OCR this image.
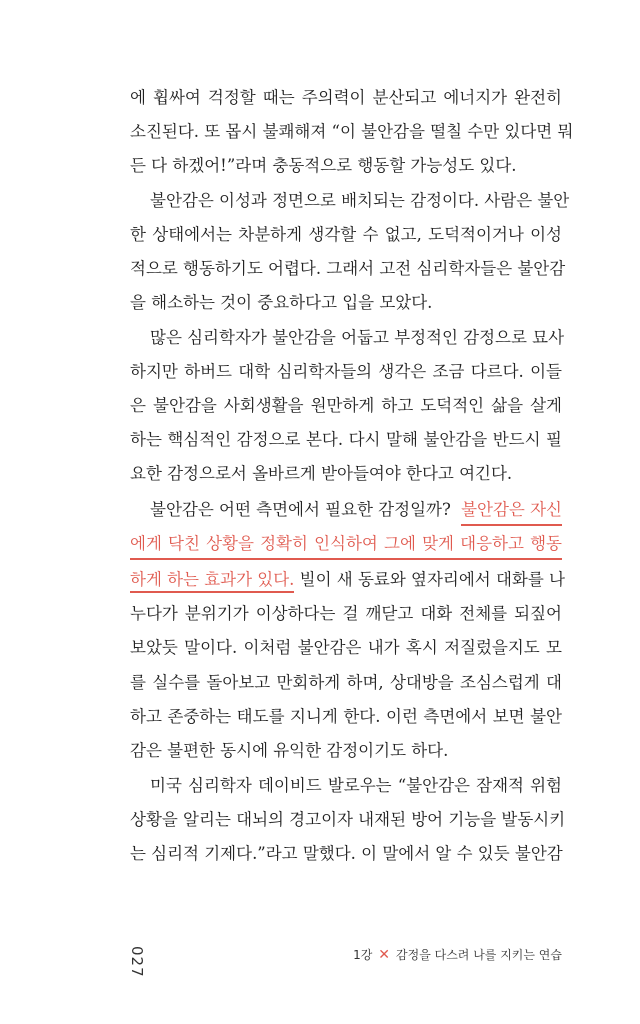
에 휩싸여 걱정할 때는 주의력이 분산되고 에너지가 완전히
소진된다. 또 몹시 불쾌해져 “이 불안감을 떨칠 수만 있다면 뭐
든 다 하겠어!”라며 충동적으로 행동할 가능성도 있다.
불안감은 이성과 정면으로 배치되는 감정이다. 사람은 불안
한 상태에서는 차분하게 생각할 수 없고, 도덕적이거나 이성
적으로 행동하기도 어렵다. 그래서 고전 심리학자들은 불안감
을 해소하는 것이 중요하다고 입을 모았다.
많은 심리학자가 불안감을 어둡고 부정적인 감정으로 묘사
하지만 하버드 대학 심리학자들의 생각은 조금 다르다. 이들
은 불안감을 사회생활을 원만하게 하고 도덕적인 삶을 살게
하는 핵심적인 감정으로 본다. 다시 말해 불안감을 반드시 필
요한 감정으로서 올바르게 받아들여야 한다고 여긴다.
불안감은 어떤 측면에서 필요한 감정일까? 불안감은 자신
에게 닥친 상황을 정확히 인식하여 그에 맞게 대응하고 행동
하게 하는 효과가 있다. 빌이 새 동료와 옆자리에서 대화를 나
누다가 분위기가 이상하다는 걸 깨닫고 대화 전체를 되짚어
보았듯 말이다. 이처럼 불안감은 내가 혹시 저질렀을지도 모
를 실수를 돌아보고 만회하게 하며, 상대방을 조심스럽게 대
하고 존중하는 태도를 지니게 한다. 이런 측면에서 보면 불안
감은 불편한 동시에 유익한 감정이기도 하다.
미국 심리학자 데이비드 발로우는 “불안감은 잠재적 위험
상황을 알리는 대뇌의 경고이자 내재된 방어 기능을 발동시키
는 심리적 기제다.”라고 말했다. 이 말에서 알 수 있듯 불안감
027	1강 ✕ 감정을 다스려 나를 지키는 연습
